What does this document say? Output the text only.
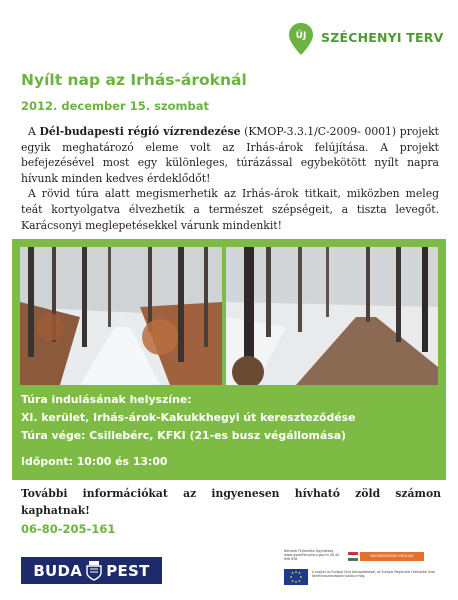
ÚJ SZÉCHENYI TERV
Nyílt nap az Irhás-ároknál
2012. december 15. szombat

A Dél-budapesti régió vízrendezése (KMOP-3.3.1/C-2009- 0001) projekt egyik meghatározó eleme volt az Irhás-árok felújítása. A projekt befejezésével most egy különleges, túrázással egybekötött nyílt napra hívunk minden kedves érdeklődőt!

A rövid túra alatt megismerhetik az Irhás-árok titkait, miközben meleg teát kortyolgatva élvezhetik a természet szépségeit, a tiszta levegőt. Karácsonyi meglepetésekkel várunk mindenkit!

Túra indulásának helyszíne:
XI. kerület, Irhás-árok-Kakukkhegyi út kereszteződése
Túra vége: Csillebérc, KFKI (21-es busz végállomása)
Időpont: 10:00 és 13:00
További információkat az ingyenesen hívható zöld számon kaphatnak!
06-80-205-161
BUDA PEST
Nemzeti Fejlesztési Ügynökség www.ujszechenyiterv.gov.hu 06 40 638 638
MAGYARORSZÁG MEGÚJUL
A projekt az Európai Unió támogatásával, az Európai Regionális Fejlesztési Alap társfinanszírozásával valósul meg.
